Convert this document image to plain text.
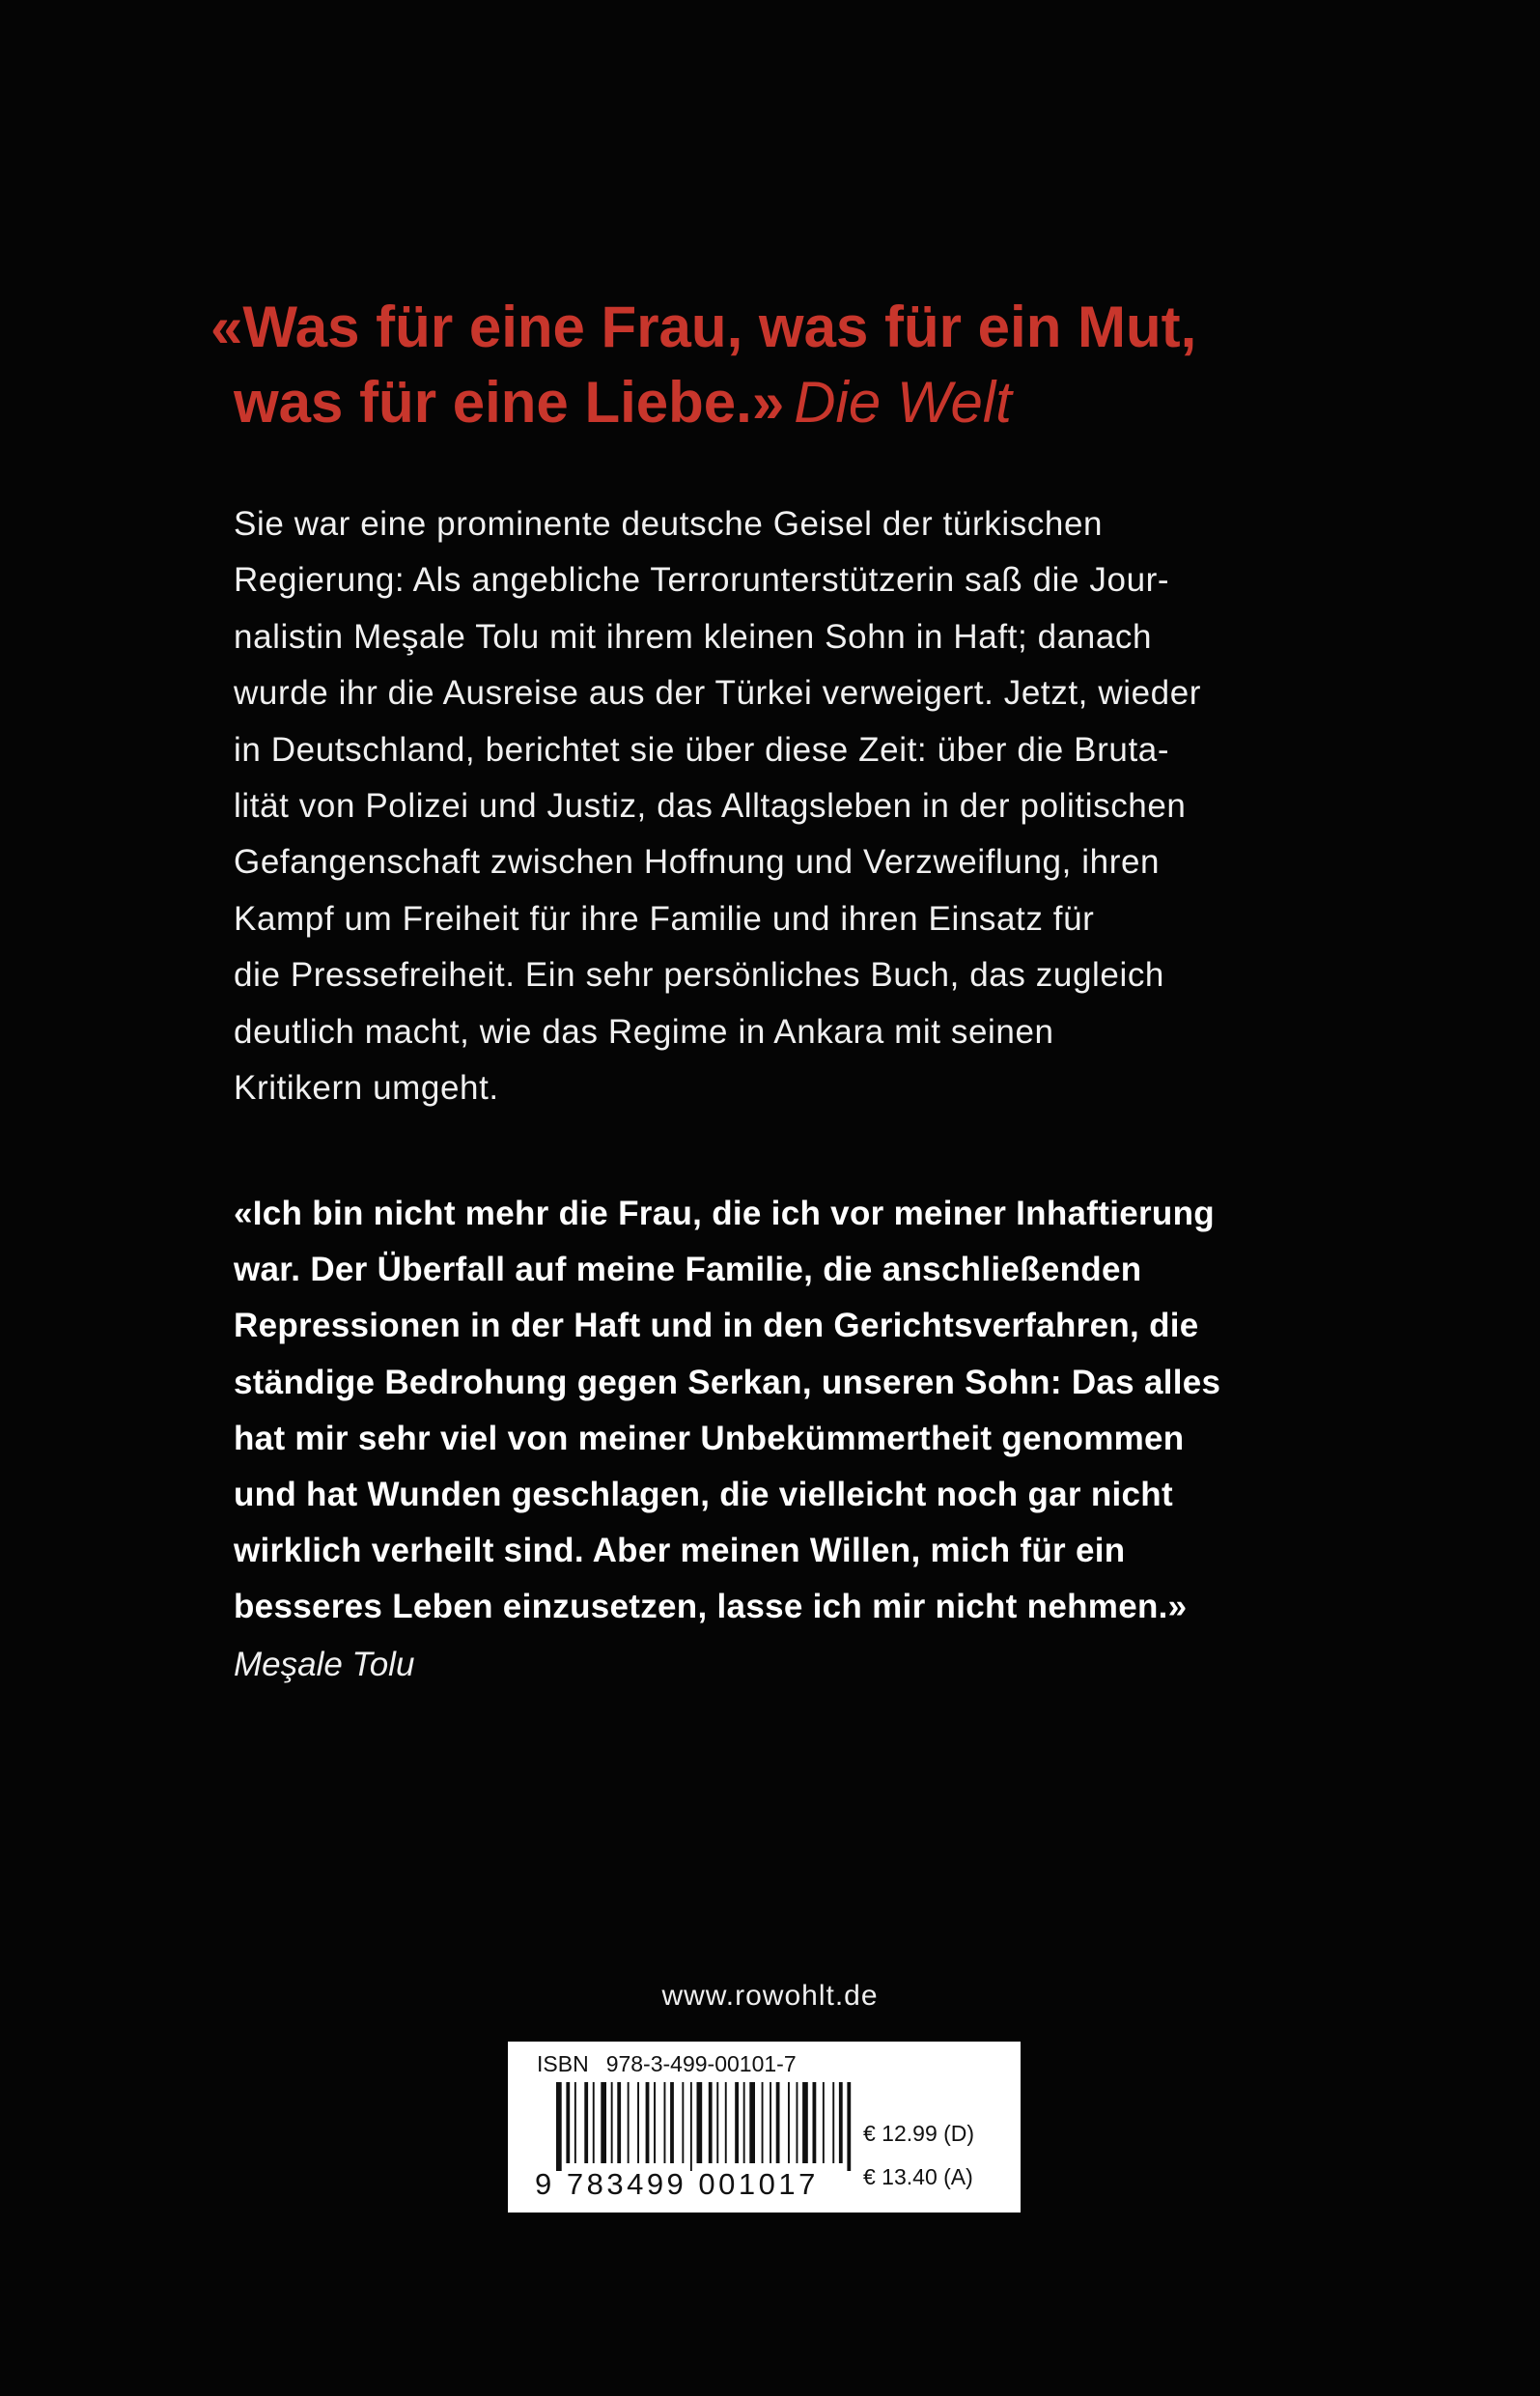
«Was für eine Frau, was für ein Mut,
was für eine Liebe.» Die Welt
Sie war eine prominente deutsche Geisel der türkischen
Regierung: Als angebliche Terrorunterstützerin saß die Jour-
nalistin Meşale Tolu mit ihrem kleinen Sohn in Haft; danach
wurde ihr die Ausreise aus der Türkei verweigert. Jetzt, wieder
in Deutschland, berichtet sie über diese Zeit: über die Bruta-
lität von Polizei und Justiz, das Alltagsleben in der politischen
Gefangenschaft zwischen Hoffnung und Verzweiflung, ihren
Kampf um Freiheit für ihre Familie und ihren Einsatz für
die Pressefreiheit. Ein sehr persönliches Buch, das zugleich
deutlich macht, wie das Regime in Ankara mit seinen
Kritikern umgeht.
«Ich bin nicht mehr die Frau, die ich vor meiner Inhaftierung
war. Der Überfall auf meine Familie, die anschließenden
Repressionen in der Haft und in den Gerichtsverfahren, die
ständige Bedrohung gegen Serkan, unseren Sohn: Das alles
hat mir sehr viel von meiner Unbekümmertheit genommen
und hat Wunden geschlagen, die vielleicht noch gar nicht
wirklich verheilt sind. Aber meinen Willen, mich für ein
besseres Leben einzusetzen, lasse ich mir nicht nehmen.»

Meşale Tolu

www.rowohlt.de
ISBN 978-3-499-00101-7
9 783499 001017
€ 12.99 (D)
€ 13.40 (A)
